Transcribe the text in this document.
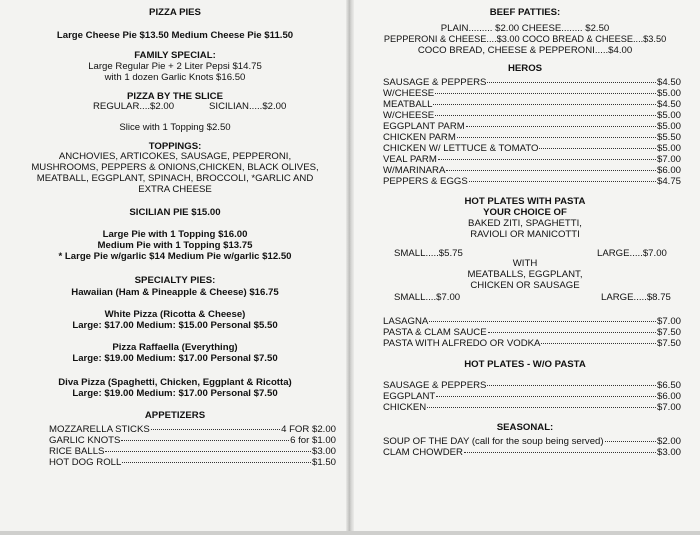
PIZZA PIES
Large Cheese Pie $13.50 Medium Cheese Pie $11.50
FAMILY SPECIAL:
Large Regular Pie + 2 Liter Pepsi $14.75
with 1 dozen Garlic Knots $16.50
PIZZA BY THE SLICE
REGULAR....$2.00	SICILIAN.....$2.00
Slice with 1 Topping $2.50
TOPPINGS:
ANCHOVIES, ARTICOKES, SAUSAGE, PEPPERONI,
MUSHROOMS, PEPPERS & ONIONS,CHICKEN, BLACK OLIVES,
MEATBALL, EGGPLANT, SPINACH, BROCCOLI, *GARLIC AND
EXTRA CHEESE
SICILIAN PIE $15.00
Large Pie with 1 Topping $16.00
Medium Pie with 1 Topping $13.75
* Large Pie w/garlic $14 Medium Pie w/garlic $12.50
SPECIALTY PIES:
Hawaiian (Ham & Pineapple & Cheese) $16.75
White Pizza (Ricotta & Cheese)
Large: $17.00 Medium: $15.00 Personal $5.50
Pizza Raffaella (Everything)
Large: $19.00 Medium: $17.00 Personal $7.50
Diva Pizza (Spaghetti, Chicken, Eggplant & Ricotta)
Large: $19.00 Medium: $17.00 Personal $7.50
APPETIZERS
MOZZARELLA STICKS	4 FOR $2.00
GARLIC KNOTS	6 for $1.00
RICE BALLS	$3.00
HOT DOG ROLL	$1.50
BEEF PATTIES:
PLAIN......... $2.00 CHEESE........ $2.50
PEPPERONI & CHEESE....$3.00 COCO BREAD & CHEESE....$3.50
COCO BREAD, CHEESE & PEPPERONI.....$4.00
HEROS
SAUSAGE & PEPPERS	$4.50
W/CHEESE	$5.00
MEATBALL	$4.50
W/CHEESE	$5.00
EGGPLANT PARM	$5.00
CHICKEN PARM	$5.50
CHICKEN W/ LETTUCE & TOMATO	$5.00
VEAL PARM	$7.00
W/MARINARA	$6.00
PEPPERS & EGGS	$4.75
HOT PLATES WITH PASTA
YOUR CHOICE OF
BAKED ZITI, SPAGHETTI,
RAVIOLI OR MANICOTTI
SMALL.....$5.75	LARGE.....$7.00
WITH
MEATBALLS, EGGPLANT,
CHICKEN OR SAUSAGE
SMALL....$7.00	LARGE.....$8.75
LASAGNA	$7.00
PASTA & CLAM SAUCE	$7.50
PASTA WITH ALFREDO OR VODKA	$7.50
HOT PLATES - W/O PASTA
SAUSAGE & PEPPERS	$6.50
EGGPLANT	$6.00
CHICKEN	$7.00
SEASONAL:
SOUP OF THE DAY (call for the soup being served)	$2.00
CLAM CHOWDER	$3.00
